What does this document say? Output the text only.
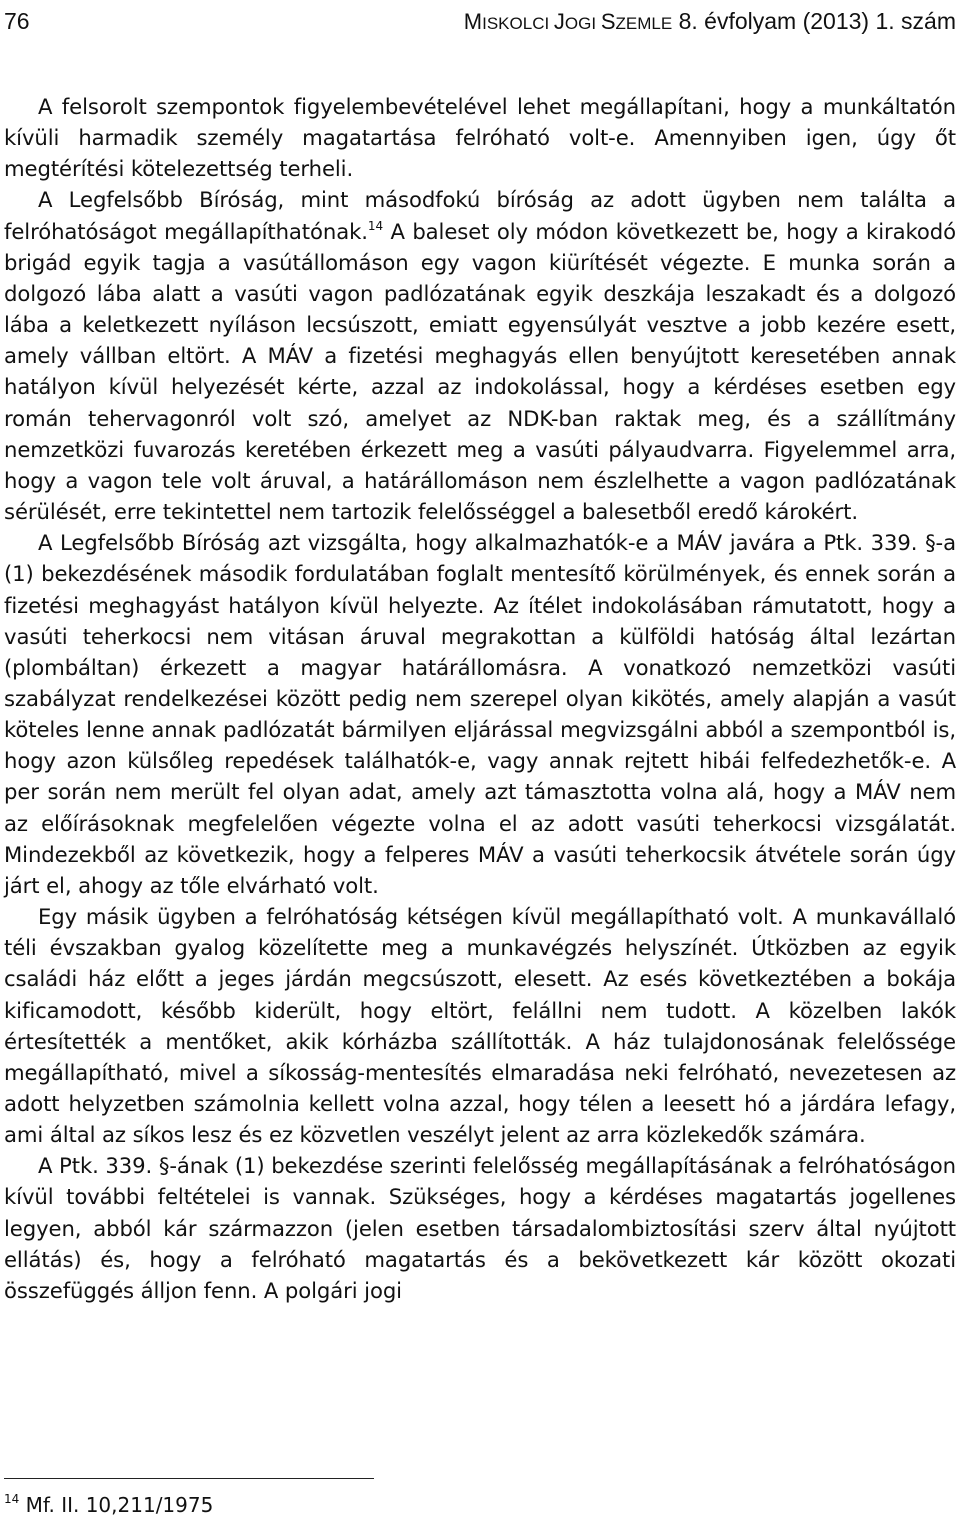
76	MISKOLCI JOGI SZEMLE 8. évfolyam (2013) 1. szám

A felsorolt szempontok figyelembevételével lehet megállapítani, hogy a munkáltatón kívüli harmadik személy magatartása felróható volt-e. Amennyiben igen, úgy őt megtérítési kötelezettség terheli.

A Legfelsőbb Bíróság, mint másodfokú bíróság az adott ügyben nem találta a felróhatóságot megállapíthatónak.$^{14}$ A baleset oly módon következett be, hogy a kirakodó brigád egyik tagja a vasútállomáson egy vagon kiürítését végezte. E munka során a dolgozó lába alatt a vasúti vagon padlózatának egyik deszkája leszakadt és a dolgozó lába a keletkezett nyíláson lecsúszott, emiatt egyensúlyát vesztve a jobb kezére esett, amely vállban eltört. A MÁV a fizetési meghagyás ellen benyújtott keresetében annak hatályon kívül helyezését kérte, azzal az indokolással, hogy a kérdéses esetben egy román tehervagonról volt szó, amelyet az NDK-ban raktak meg, és a szállítmány nemzetközi fuvarozás keretében érkezett meg a vasúti pályaudvarra. Figyelemmel arra, hogy a vagon tele volt áruval, a határállomáson nem észlelhette a vagon padlózatának sérülését, erre tekintettel nem tartozik felelősséggel a balesetből eredő károkért.

A Legfelsőbb Bíróság azt vizsgálta, hogy alkalmazhatók-e a MÁV javára a Ptk. 339. §-a (1) bekezdésének második fordulatában foglalt mentesítő körülmények, és ennek során a fizetési meghagyást hatályon kívül helyezte. Az ítélet indokolásában rámutatott, hogy a vasúti teherkocsi nem vitásan áruval megrakottan a külföldi hatóság által lezártan (plombáltan) érkezett a magyar határállomásra. A vonatkozó nemzetközi vasúti szabályzat rendelkezései között pedig nem szerepel olyan kikötés, amely alapján a vasút köteles lenne annak padlózatát bármilyen eljárással megvizsgálni abból a szempontból is, hogy azon külsőleg repedések találhatók-e, vagy annak rejtett hibái felfedezhetők-e. A per során nem merült fel olyan adat, amely azt támasztotta volna alá, hogy a MÁV nem az előírásoknak megfelelően végezte volna el az adott vasúti teherkocsi vizsgálatát. Mindezekből az következik, hogy a felperes MÁV a vasúti teherkocsik átvétele során úgy járt el, ahogy az tőle elvárható volt.

Egy másik ügyben a felróhatóság kétségen kívül megállapítható volt. A munkavállaló téli évszakban gyalog közelítette meg a munkavégzés helyszínét. Útközben az egyik családi ház előtt a jeges járdán megcsúszott, elesett. Az esés következtében a bokája kificamodott, később kiderült, hogy eltört, felállni nem tudott. A közelben lakók értesítették a mentőket, akik kórházba szállították. A ház tulajdonosának felelőssége megállapítható, mivel a síkosság-mentesítés elmaradása neki felróható, nevezetesen az adott helyzetben számolnia kellett volna azzal, hogy télen a leesett hó a járdára lefagy, ami által az síkos lesz és ez közvetlen veszélyt jelent az arra közlekedők számára.

A Ptk. 339. §-ának (1) bekezdése szerinti felelősség megállapításának a felróhatóságon kívül további feltételei is vannak. Szükséges, hogy a kérdéses magatartás jogellenes legyen, abból kár származzon (jelen esetben társadalombiztosítási szerv által nyújtott ellátás) és, hogy a felróható magatartás és a bekövetkezett kár között okozati összefüggés álljon fenn. A polgári jogi

$^{14}$ Mf. II. 10,211/1975
